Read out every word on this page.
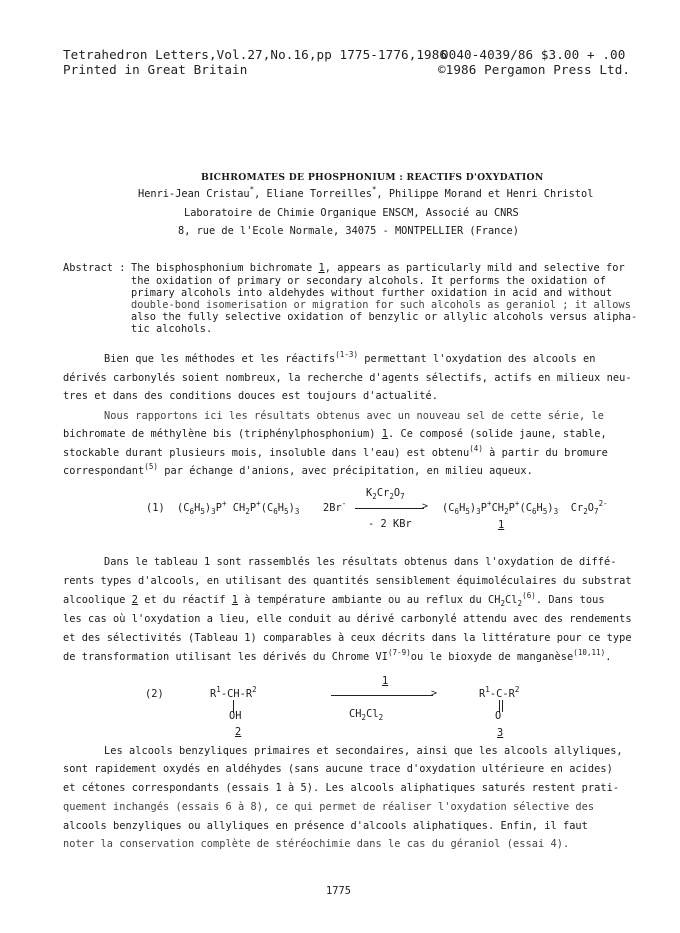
Tetrahedron Letters,Vol.27,No.16,pp 1775-1776,1986
0040-4039/86 $3.00 + .00
Printed in Great Britain	©1986 Pergamon Press Ltd.
BICHROMATES DE PHOSPHONIUM : REACTIFS D'OXYDATION
Henri-Jean Cristau*, Eliane Torreilles*, Philippe Morand et Henri Christol
Laboratoire de Chimie Organique ENSCM, Associé au CNRS
8, rue de l'Ecole Normale, 34075 - MONTPELLIER (France)
Abstract : The bisphosphonium bichromate 1, appears as particularly mild and selective for
the oxidation of primary or secondary alcohols. It performs the oxidation of
primary alcohols into aldehydes without further oxidation in acid and without
double-bond isomerisation or migration for such alcohols as geraniol ; it allows
also the fully selective oxidation of benzylic or allylic alcohols versus alipha-
tic alcohols.
Bien que les méthodes et les réactifs$^{(1-3)}$ permettant l'oxydation des alcools en
dérivés carbonylés soient nombreux, la recherche d'agents sélectifs, actifs en milieux neu-
tres et dans des conditions douces est toujours d'actualité.
Nous rapportons ici les résultats obtenus avec un nouveau sel de cette série, le
bichromate de méthylène bis (triphénylphosphonium) 1. Ce composé (solide jaune, stable,
stockable durant plusieurs mois, insoluble dans l'eau) est obtenu$^{(4)}$ à partir du bromure
correspondant$^{(5)}$ par échange d'anions, avec précipitation, en milieu aqueux.
(1) $(C_6H_5)_3P^+$ $CH_2P^+(C_6H_5)_3$ 2Br-
$K_2Cr_2O_7$
>
- 2 KBr
$(C_6H_5)_3P^+CH_2P^+(C_6H_5)_3$  $Cr_2O_7^{2-}$
1
Dans le tableau 1 sont rassemblés les résultats obtenus dans l'oxydation de diffé-
rents types d'alcools, en utilisant des quantités sensiblement équimoléculaires du substrat
alcoolique 2 et du réactif 1 à température ambiante ou au reflux du $CH_2Cl_2^{(6)}$. Dans tous
les cas où l'oxydation a lieu, elle conduit au dérivé carbonylé attendu avec des rendements
et des sélectivités (Tableau 1) comparables à ceux décrits dans la littérature pour ce type
de transformation utilisant les dérivés du Chrome VI$^{(7-9)}$ou le bioxyde de manganèse$^{(10,11)}$.
(2)	$R^1-CH-R^2$
OH
2
1
>
$CH_2Cl_2$
$R^1-C-R^2$
O
3
Les alcools benzyliques primaires et secondaires, ainsi que les alcools allyliques,
sont rapidement oxydés en aldéhydes (sans aucune trace d'oxydation ultérieure en acides)
et cétones correspondants (essais 1 à 5). Les alcools aliphatiques saturés restent prati-
quement inchangés (essais 6 à 8), ce qui permet de réaliser l'oxydation sélective des
alcools benzyliques ou allyliques en présence d'alcools aliphatiques. Enfin, il faut
noter la conservation complète de stéréochimie dans le cas du géraniol (essai 4).
1775
